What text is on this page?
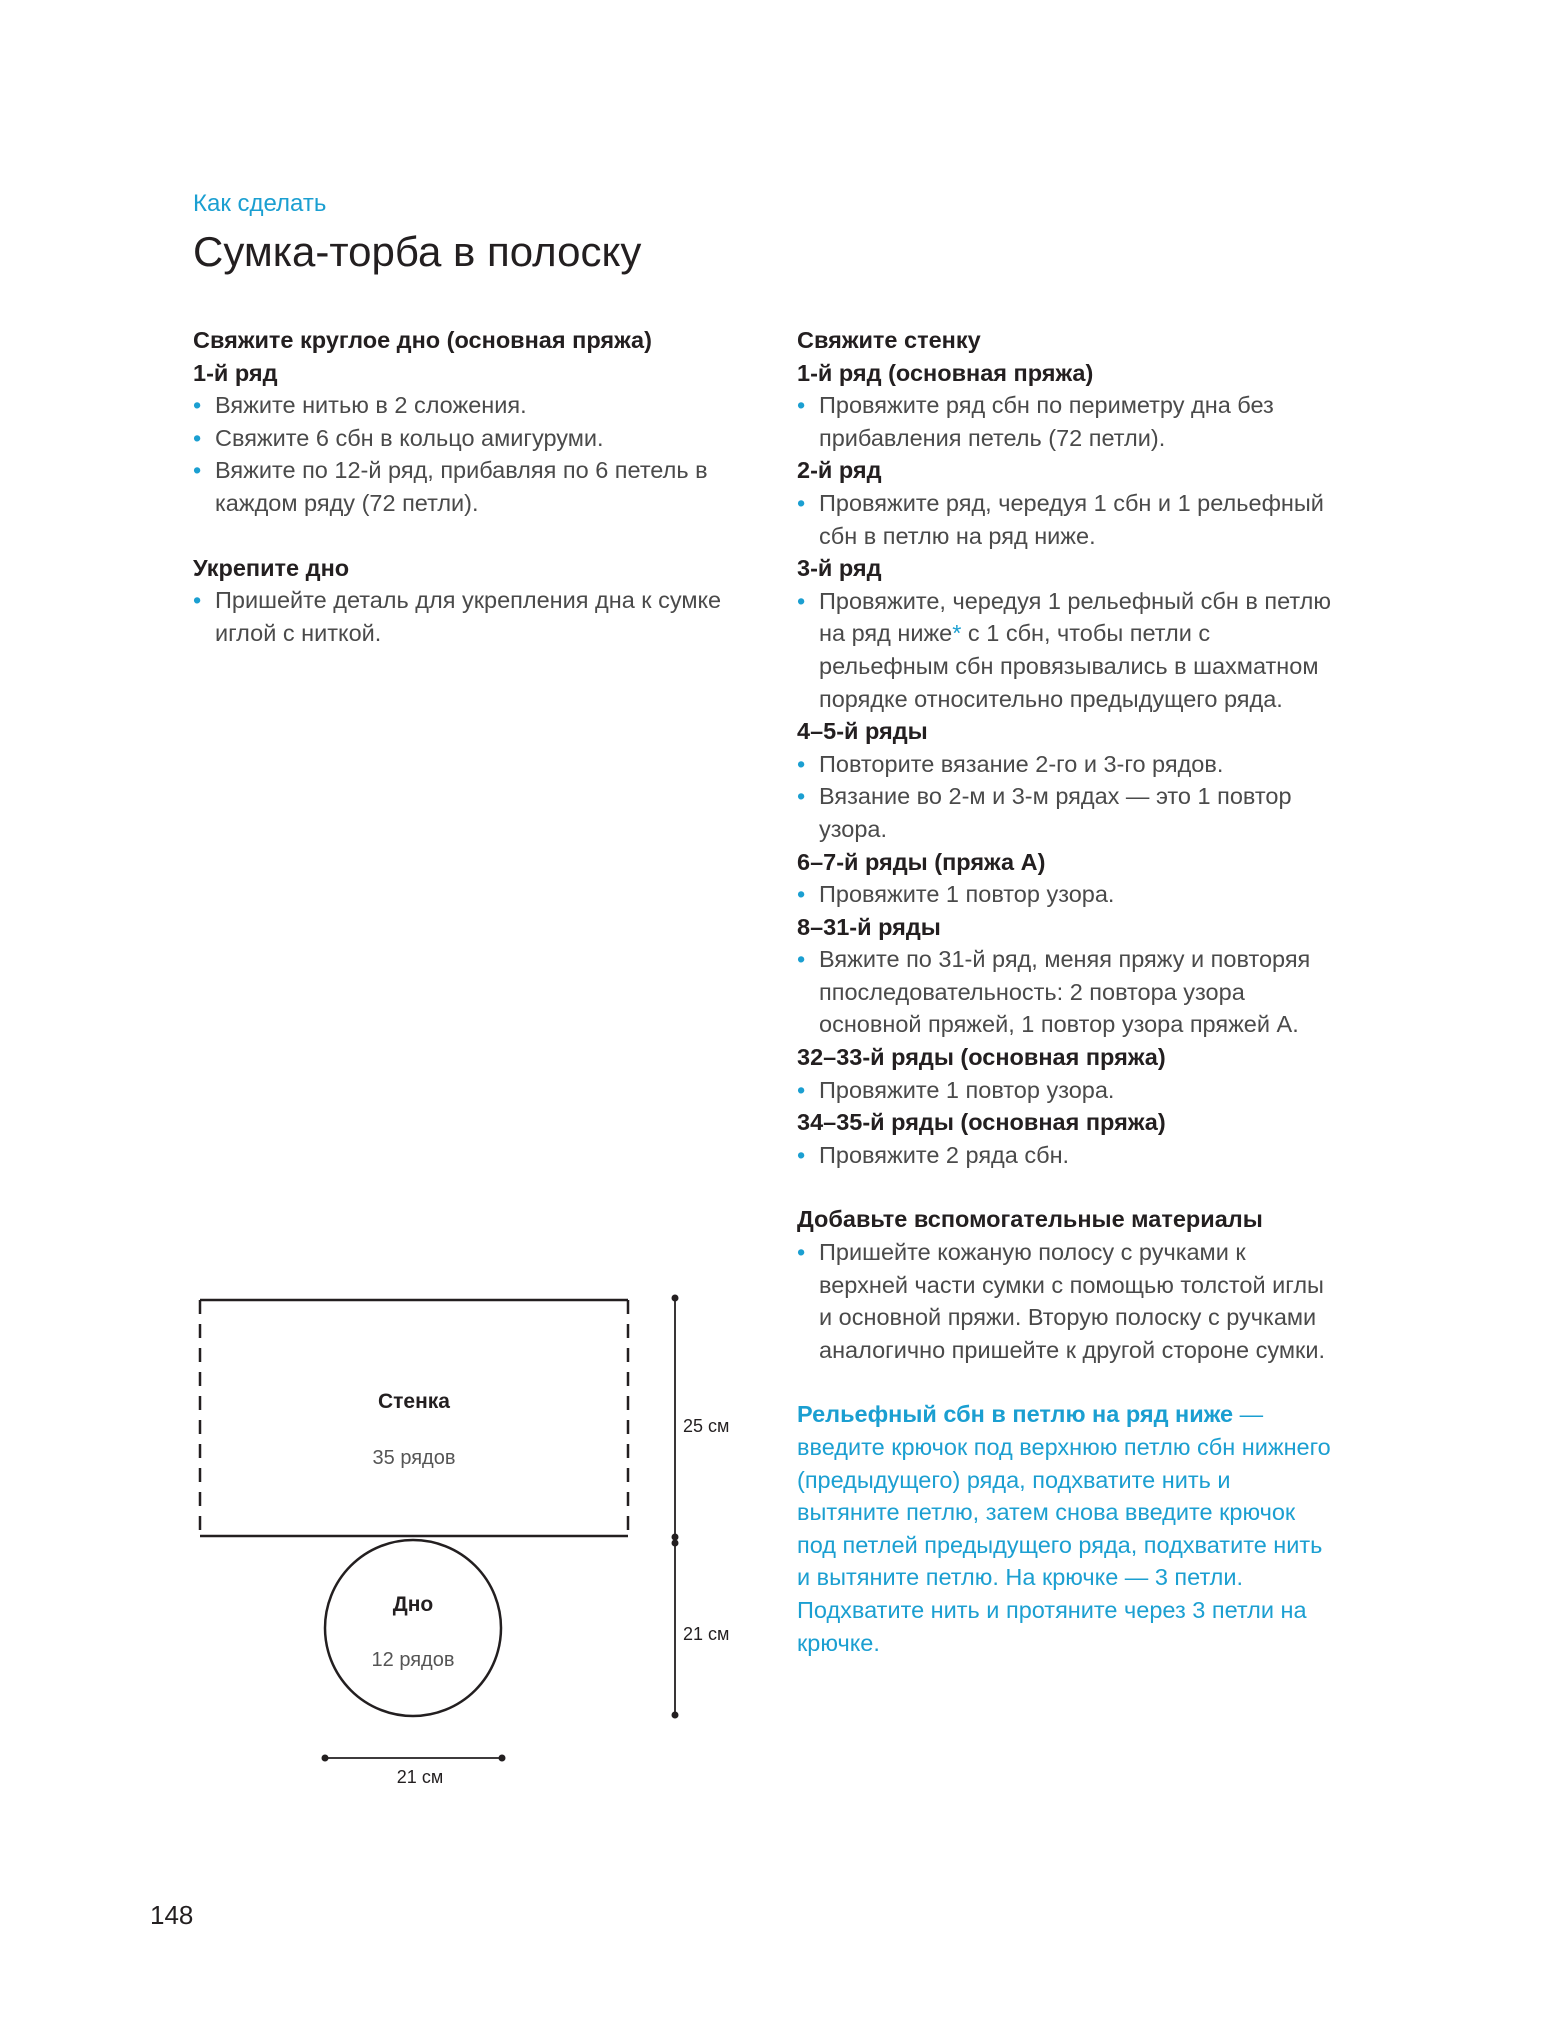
Как сделать
Сумка-торба в полоску

Свяжите круглое дно (основная пряжа)

1-й ряд

• Вяжите нитью в 2 сложения.
• Свяжите 6 сбн в кольцо амигуруми.
• Вяжите по 12-й ряд, прибавляя по 6 петель в каждом ряду (72 петли).

Укрепите дно

• Пришейте деталь для укрепления дна к сумке иглой с ниткой.

Свяжите стенку

1-й ряд (основная пряжа)

• Провяжите ряд сбн по периметру дна без прибавления петель (72 петли).

2-й ряд

• Провяжите ряд, чередуя 1 сбн и 1 рельефный сбн в петлю на ряд ниже.

3-й ряд

• Провяжите, чередуя 1 рельефный сбн в петлю на ряд ниже* с 1 сбн, чтобы петли с рельефным сбн провязывались в шахматном порядке относительно предыдущего ряда.

4–5-й ряды

• Повторите вязание 2-го и 3-го рядов.
• Вязание во 2-м и 3-м рядах — это 1 повтор узора.

6–7-й ряды (пряжа А)

• Провяжите 1 повтор узора.

8–31-й ряды

• Вяжите по 31-й ряд, меняя пряжу и повторяя ппоследовательность: 2 повтора узора основной пряжей, 1 повтор узора пряжей А.

32–33-й ряды (основная пряжа)

• Провяжите 1 повтор узора.

34–35-й ряды (основная пряжа)

• Провяжите 2 ряда сбн.

Добавьте вспомогательные материалы

• Пришейте кожаную полосу с ручками к верхней части сумки с помощью толстой иглы и основной пряжи. Вторую полоску с ручками аналогично пришейте к другой стороне сумки.

Рельефный сбн в петлю на ряд ниже — введите крючок под верхнюю петлю сбн нижнего (предыдущего) ряда, подхватите нить и вытяните петлю, затем снова введите крючок под петлей предыдущего ряда, подхватите нить и вытяните петлю. На крючке — 3 петли. Подхватите нить и протяните через 3 петли на крючке.

Стенка
35 рядов
Дно
12 рядов
25 см
21 см
21 см
148
